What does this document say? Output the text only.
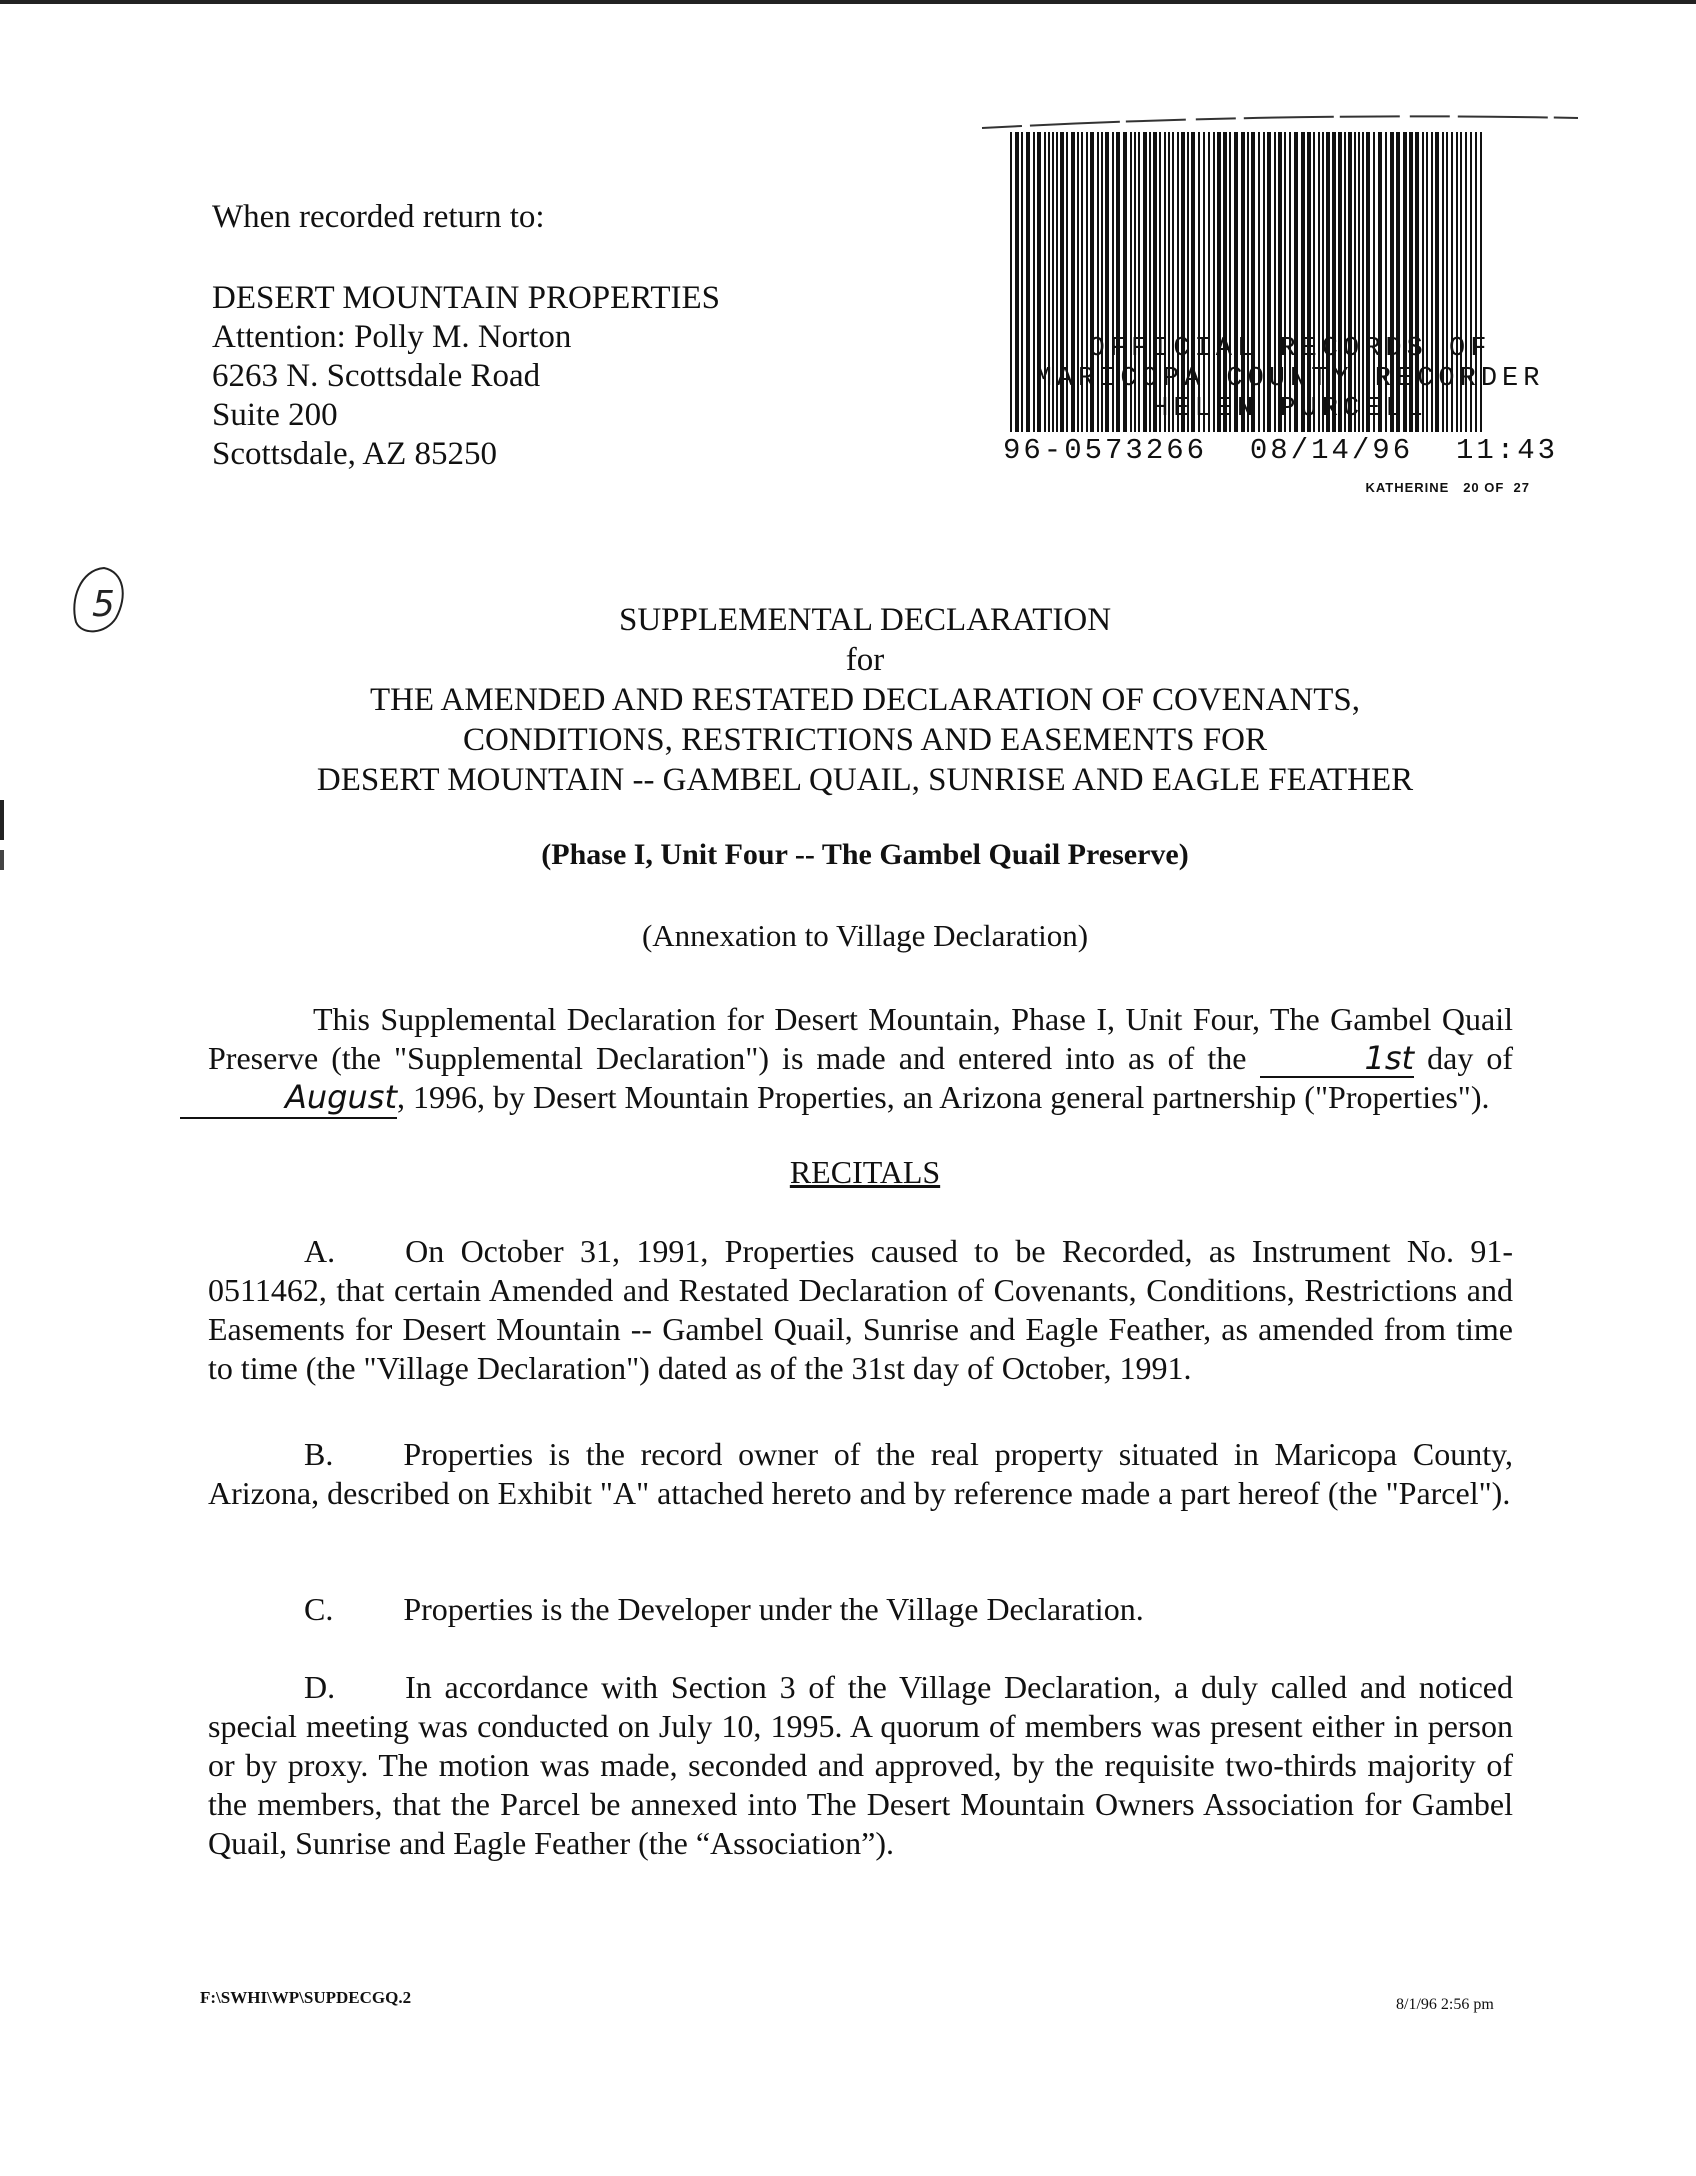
When recorded return to:
DESERT MOUNTAIN PROPERTIES
Attention: Polly M. Norton
6263 N. Scottsdale Road
Suite 200
Scottsdale, AZ 85250
OFFICIAL RECORDS OF
MARICOPA COUNTY RECORDER
HELEN PURCELL
96-0573266 08/14/96 11:43
KATHERINE   20 OF  27
5	SUPPLEMENTAL DECLARATION
for
THE AMENDED AND RESTATED DECLARATION OF COVENANTS,
CONDITIONS, RESTRICTIONS AND EASEMENTS FOR
DESERT MOUNTAIN -- GAMBEL QUAIL, SUNRISE AND EAGLE FEATHER
(Phase I, Unit Four -- The Gambel Quail Preserve)
(Annexation to Village Declaration)
This Supplemental Declaration for Desert Mountain, Phase I, Unit Four, The Gambel Quail Preserve (the "Supplemental Declaration") is made and entered into as of the	1st day of August, 1996, by Desert Mountain Properties, an Arizona general partnership ("Properties").
RECITALS
A. On October 31, 1991, Properties caused to be Recorded, as Instrument No. 91-0511462, that certain Amended and Restated Declaration of Covenants, Conditions, Restrictions and Easements for Desert Mountain -- Gambel Quail, Sunrise and Eagle Feather, as amended from time to time (the "Village Declaration") dated as of the 31st day of October, 1991.
B. Properties is the record owner of the real property situated in Maricopa County, Arizona, described on Exhibit "A" attached hereto and by reference made a part hereof (the "Parcel").
C. Properties is the Developer under the Village Declaration.
D. In accordance with Section 3 of the Village Declaration, a duly called and noticed special meeting was conducted on July 10, 1995. A quorum of members was present either in person or by proxy. The motion was made, seconded and approved, by the requisite two-thirds majority of the members, that the Parcel be annexed into The Desert Mountain Owners Association for Gambel Quail, Sunrise and Eagle Feather (the “Association”).
F:\SWHI\WP\SUPDECGQ.2	8/1/96 2:56 pm
